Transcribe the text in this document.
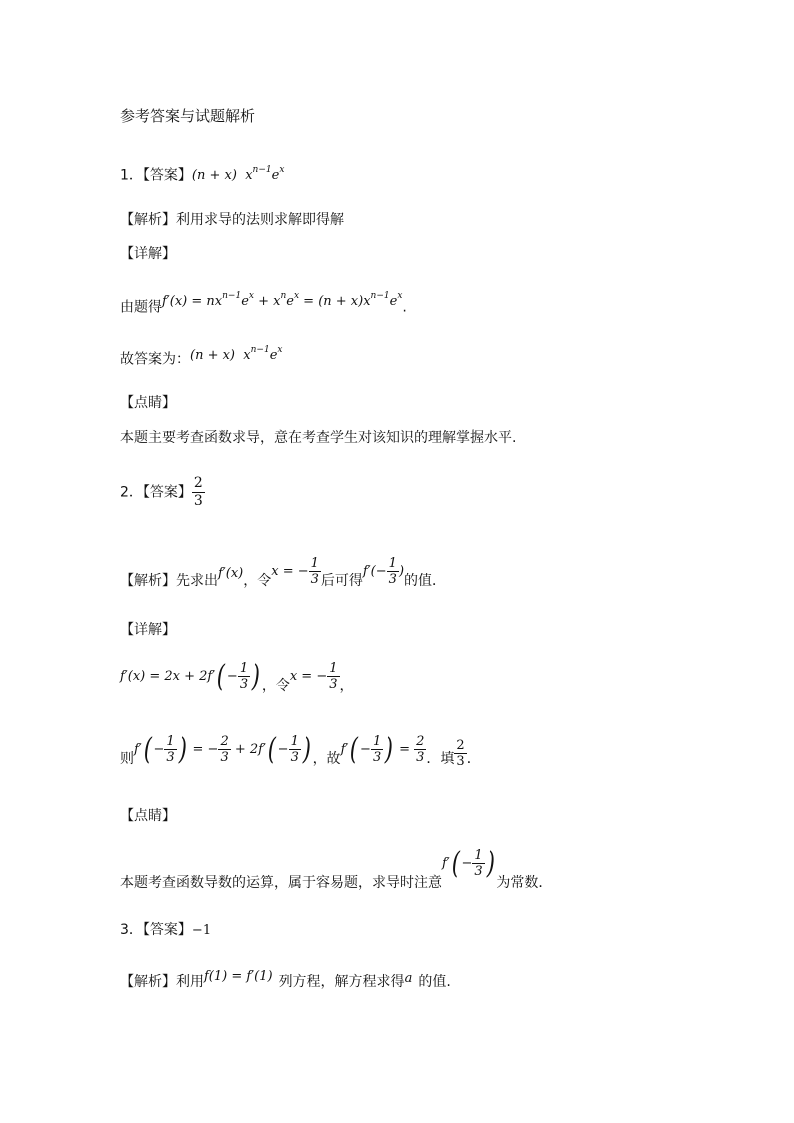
参考答案与试题解析
1．【答案】(n + x)  $x^{n-1}e^x$
【解析】利用求导的法则求解即得解
【详解】
由题得$f'(x) = nx^{n-1}e^x + x^ne^x = (n + x)x^{n-1}e^x$.
故答案为：(n + x)  $x^{n-1}e^x$
【点睛】
本题主要考查函数求导，意在考查学生对该知识的理解掌握水平.
2．【答案】 $\frac{2}{3}$
【解析】先求出f′(x)，令x = − $\frac{1}{3}$ 后可得$f'(- \frac{1}{3}$ )的值．
【详解】
$f'(x) = 2x + 2f'( - \frac{1}{3}$ ) ，令x = − $\frac{1}{3}$ ，
则$f'( - \frac{1}{3}$ ) = − $\frac{2}{3} + 2f'( - \frac{1}{3}$ ) ，故$f'( - \frac{1}{3}$ ) = $\frac{2}{3}$ ．填 $\frac{2}{3}$ ．
【点睛】
本题考查函数导数的运算，属于容易题，求导时注意$f'( - \frac{1}{3}$ )为常数．
3．【答案】−1
【解析】利用f(1) = f′(1) 列方程，解方程求得a 的值.
